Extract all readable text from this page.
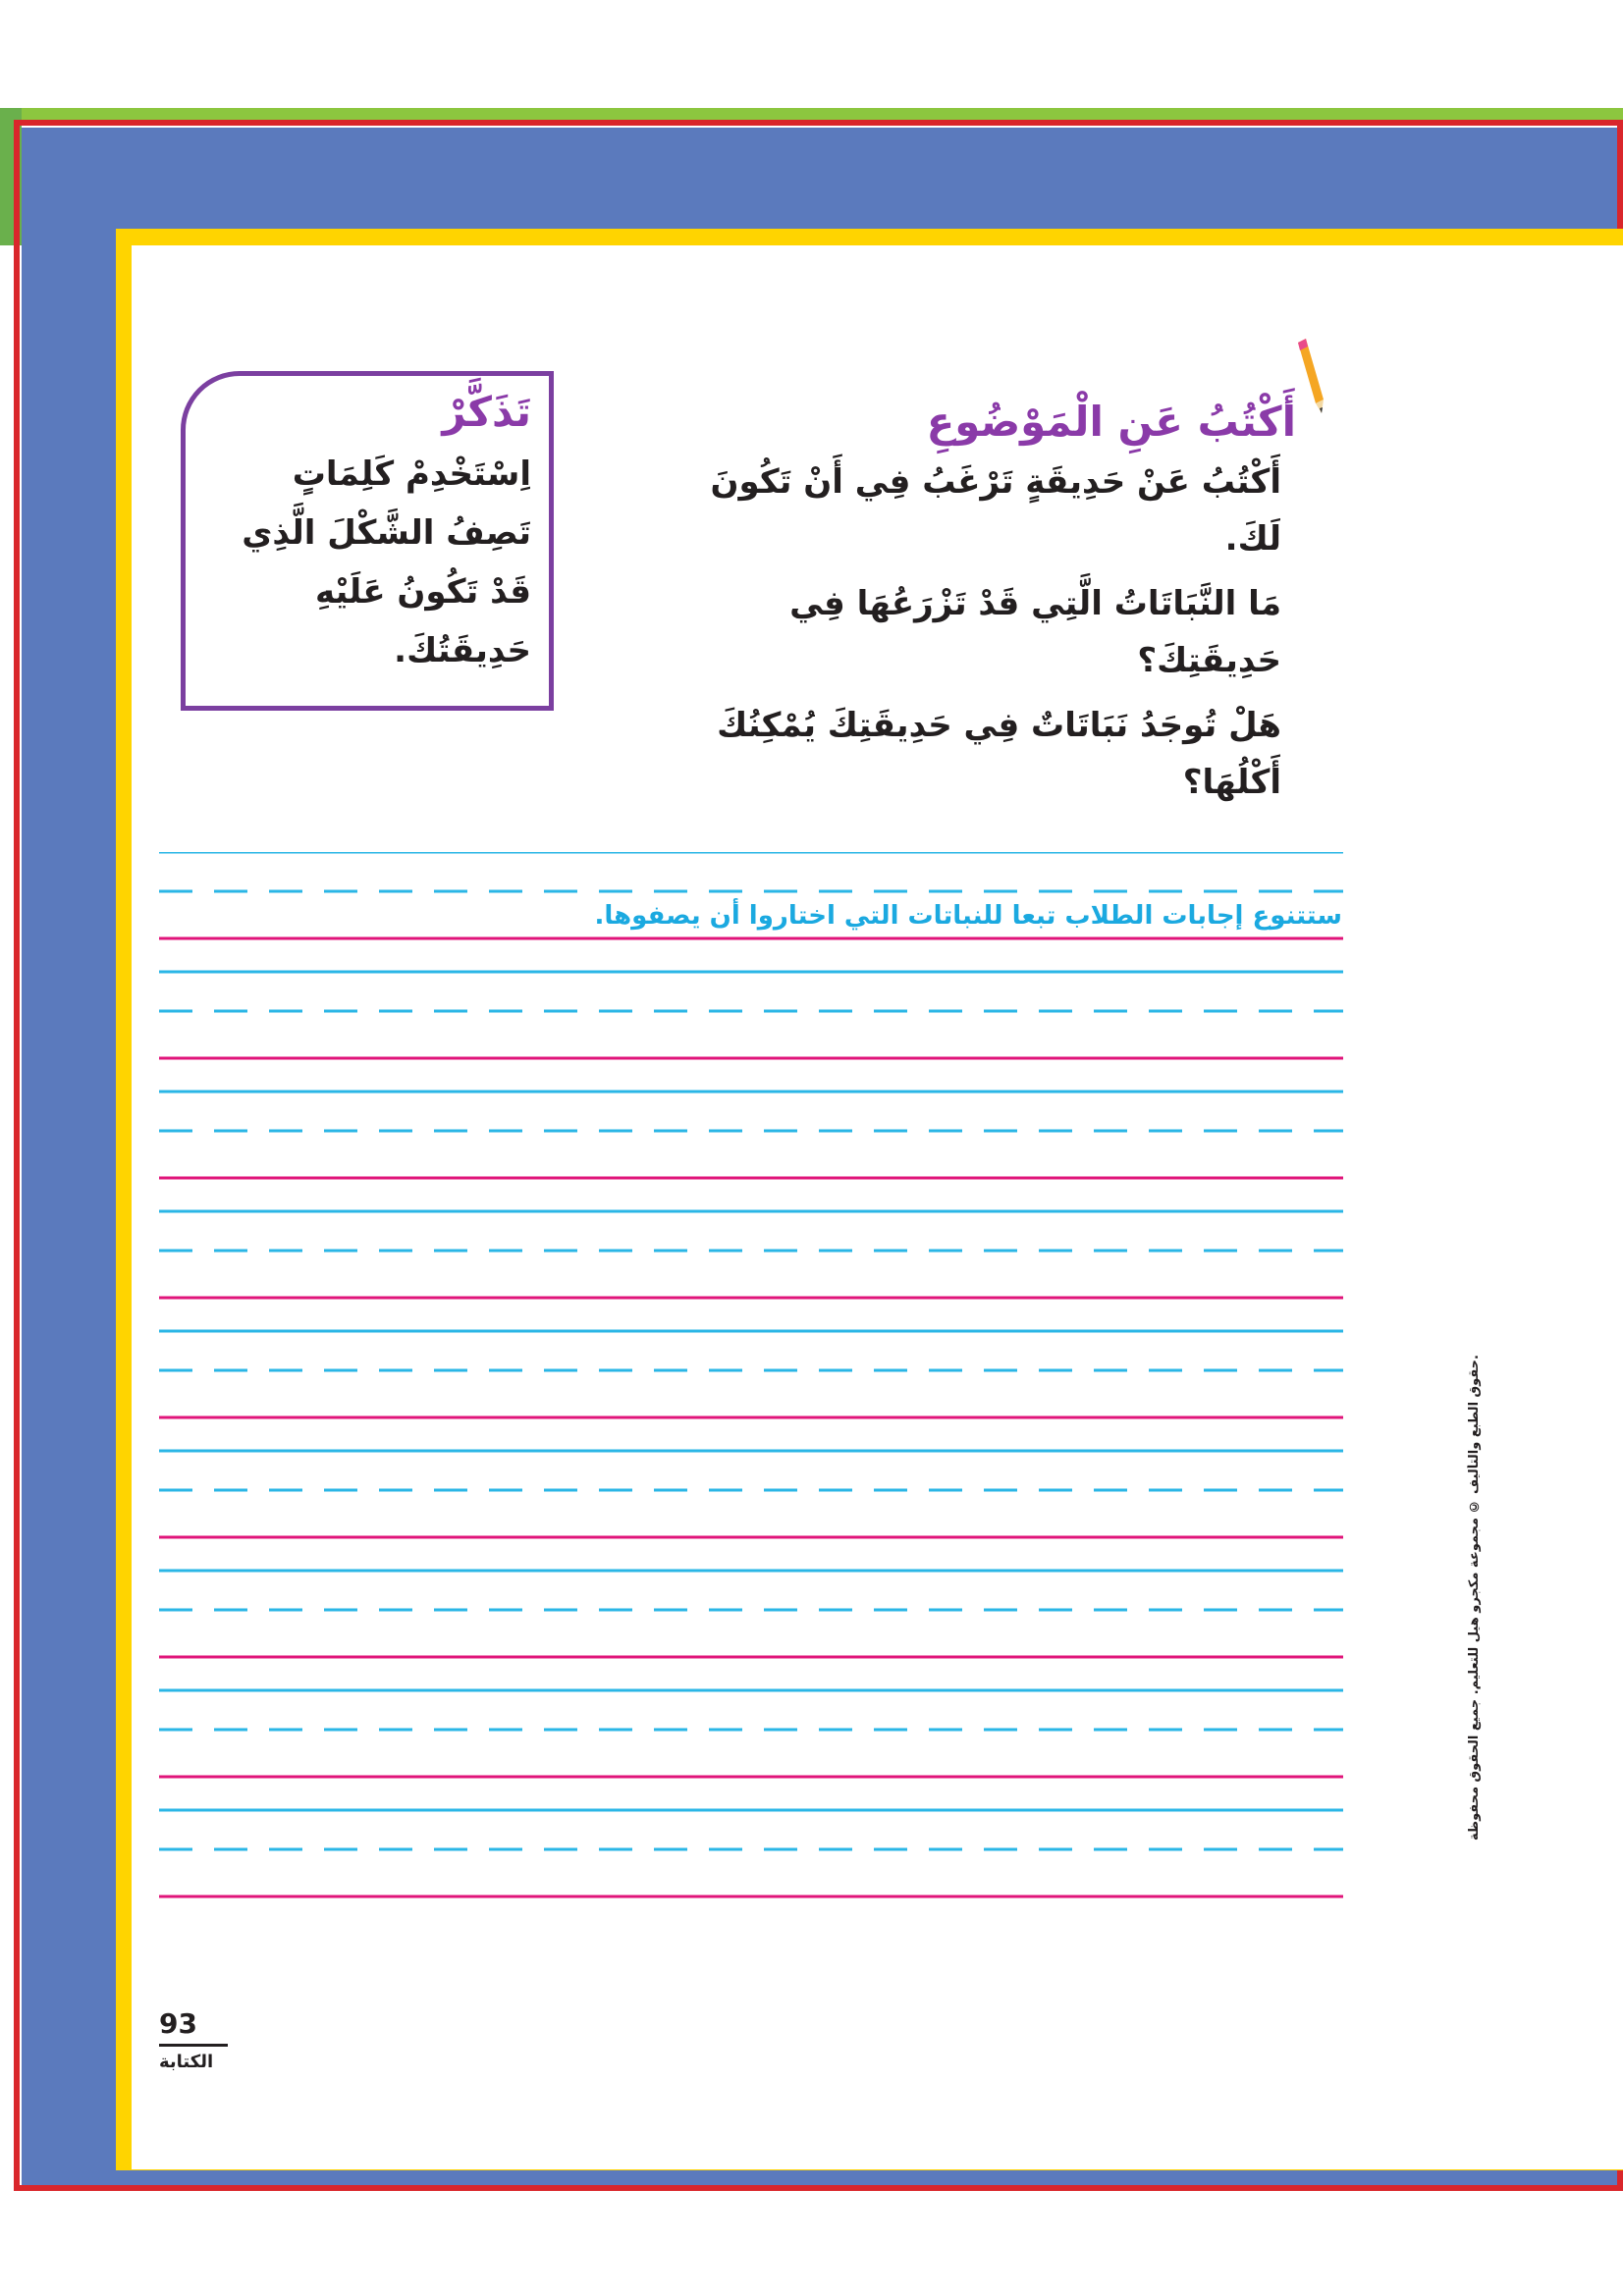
أَكْتُبُ عَنِ الْمَوْضُوعِ

أَكْتُبُ عَنْ حَدِيقَةٍ تَرْغَبُ فِي أَنْ تَكُونَ لَكَ.

مَا النَّبَاتَاتُ الَّتِي قَدْ تَزْرَعُهَا فِي حَدِيقَتِكَ؟

هَلْ تُوجَدُ نَبَاتَاتٌ فِي حَدِيقَتِكَ يُمْكِنُكَ أَكْلُهَا؟

تَذَكَّرْ
اِسْتَخْدِمْ كَلِمَاتٍ تَصِفُ الشَّكْلَ الَّذِي قَدْ تَكُونُ عَلَيْهِ حَدِيقَتُكَ.
ستتنوع إجابات الطلاب تبعا للنباتات التي اختاروا أن يصفوها.
93
الكتابة
حقوق الطبع والتأليف © مجموعة مكجرو هيل للتعليم. جميع الحقوق محفوظة.
